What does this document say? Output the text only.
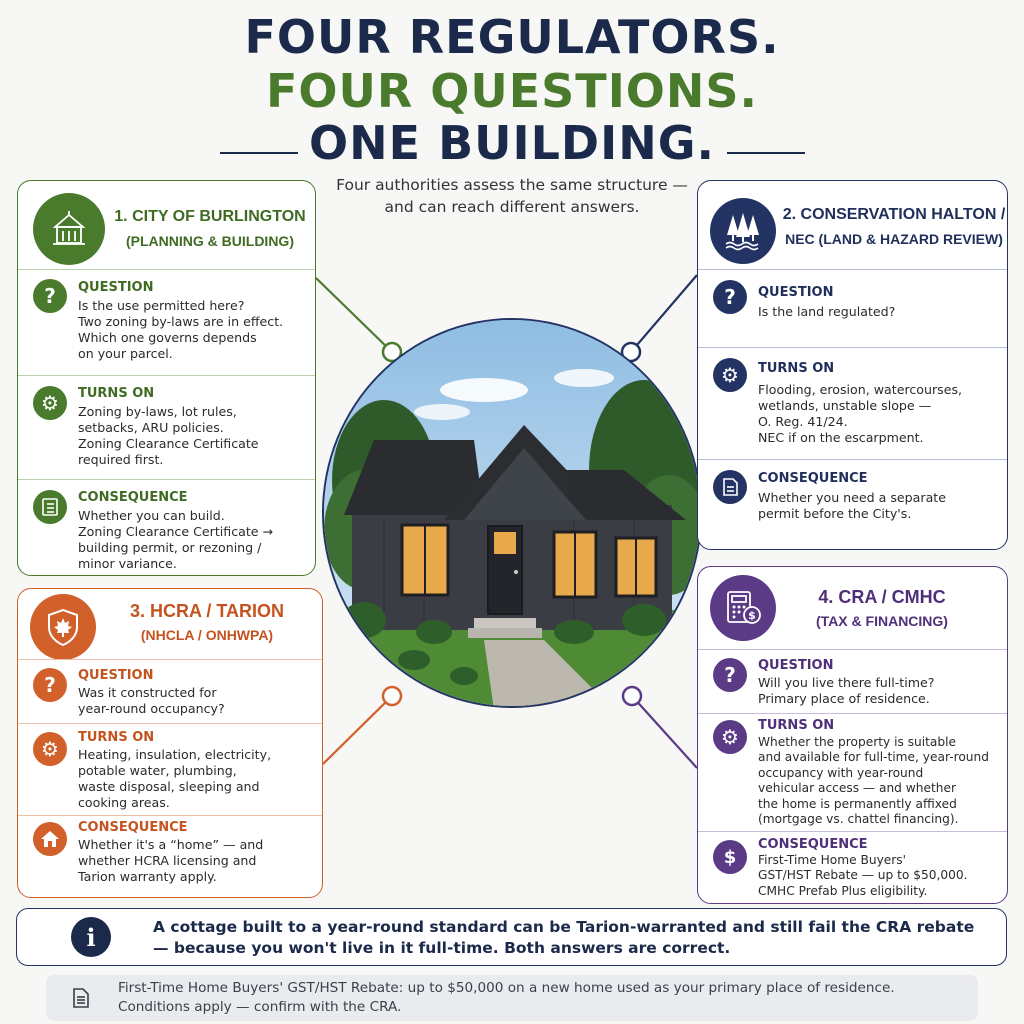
FOUR REGULATORS.
FOUR QUESTIONS.
ONE BUILDING.
Four authorities assess the same structure —
and can reach different answers.
1. CITY OF BURLINGTON
(PLANNING & BUILDING)
? QUESTION
Is the use permitted here?
Two zoning by-laws are in effect.
Which one governs depends
on your parcel.
⚙ TURNS ON
Zoning by-laws, lot rules,
setbacks, ARU policies.
Zoning Clearance Certificate
required first.
CONSEQUENCE
Whether you can build.
Zoning Clearance Certificate →
building permit, or rezoning /
minor variance.
2. CONSERVATION HALTON /
NEC (LAND & HAZARD REVIEW)
? QUESTION
Is the land regulated?
⚙ TURNS ON
Flooding, erosion, watercourses,
wetlands, unstable slope —
O. Reg. 41/24.
NEC if on the escarpment.
CONSEQUENCE
Whether you need a separate
permit before the City's.
3. HCRA / TARION
(NHCLA / ONHWPA)
? QUESTION
Was it constructed for
year-round occupancy?
⚙ TURNS ON
Heating, insulation, electricity,
potable water, plumbing,
waste disposal, sleeping and
cooking areas.
CONSEQUENCE
Whether it's a “home” — and
whether HCRA licensing and
Tarion warranty apply.
$
4. CRA / CMHC
(TAX & FINANCING)
? QUESTION
Will you live there full-time?
Primary place of residence.
⚙ TURNS ON
Whether the property is suitable
and available for full-time, year-round
occupancy with year-round
vehicular access — and whether
the home is permanently affixed
(mortgage vs. chattel financing).
$
CONSEQUENCE
First-Time Home Buyers'
GST/HST Rebate — up to $50,000.
CMHC Prefab Plus eligibility.
i	A cottage built to a year-round standard can be Tarion-warranted and still fail the CRA rebate — because you won't live in it full-time. Both answers are correct.
First-Time Home Buyers' GST/HST Rebate: up to $50,000 on a new home used as your primary place of residence.
Conditions apply — confirm with the CRA.
